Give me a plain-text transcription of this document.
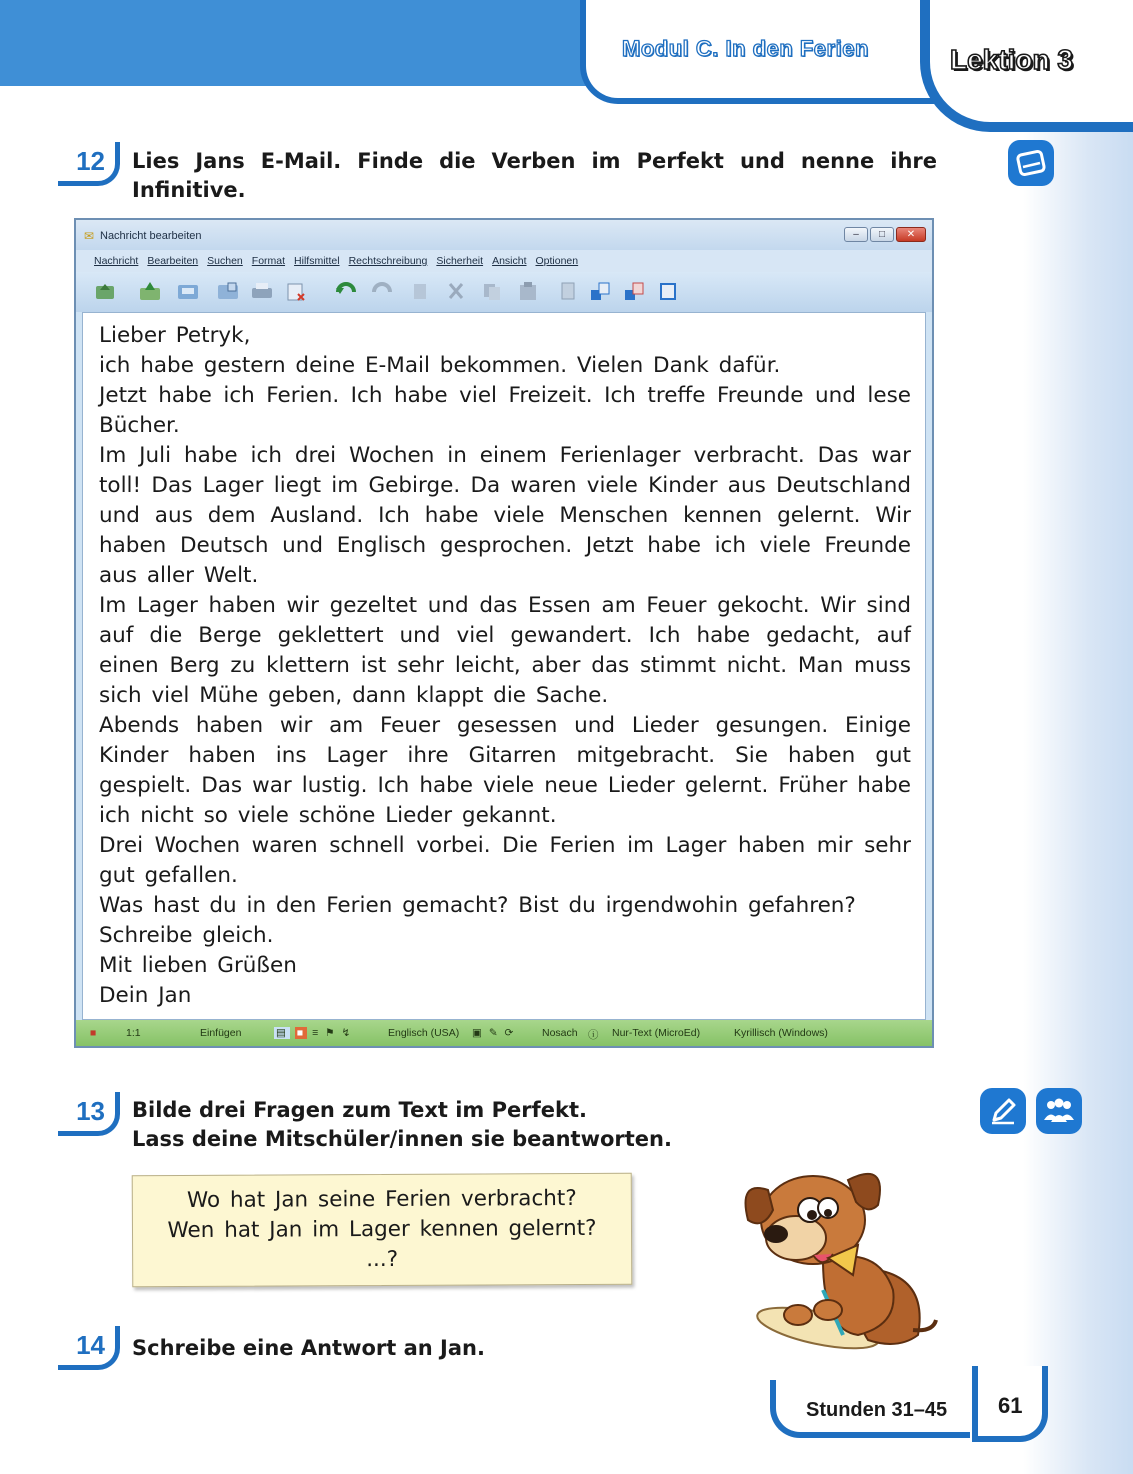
Modul C. In den Ferien	Lektion 3
12	Lies Jans E-Mail. Finde die Verben im Perfekt und nenne ihre
Infinitive.
✉ Nachricht bearbeiten	–	□	✕
Nachricht Bearbeiten Suchen Format Hilfsmittel Rechtschreibung Sicherheit Ansicht Optionen

Lieber Petryk,

ich habe gestern deine E-Mail bekommen. Vielen Dank dafür.

Jetzt habe ich Ferien. Ich habe viel Freizeit. Ich treffe Freunde und lese Bücher.

Im Juli habe ich drei Wochen in einem Ferienlager verbracht. Das war toll! Das Lager liegt im Gebirge. Da waren viele Kinder aus Deutschland und aus dem Ausland. Ich habe viele Menschen kennen gelernt. Wir haben Deutsch und Englisch gesprochen. Jetzt habe ich viele Freunde aus aller Welt.

Im Lager haben wir gezeltet und das Essen am Feuer gekocht. Wir sind auf die Berge geklettert und viel gewandert. Ich habe gedacht, auf einen Berg zu klettern ist sehr leicht, aber das stimmt nicht. Man muss sich viel Mühe geben, dann klappt die Sache.

Abends haben wir am Feuer gesessen und Lieder gesungen. Einige Kinder haben ins Lager ihre Gitarren mitgebracht. Sie haben gut gespielt. Das war lustig. Ich habe viele neue Lieder gelernt. Früher habe ich nicht so viele schöne Lieder gekannt.

Drei Wochen waren schnell vorbei. Die Ferien im Lager haben mir sehr gut gefallen.

Was hast du in den Ferien gemacht? Bist du irgendwohin gefahren?

Schreibe gleich.

Mit lieben Grüßen

Dein Jan

■	1:1	Einfügen	▤ ■ ≡ ⚑ ↯	Englisch (USA) ▣ ✎ ⟳	Nosach ⓘ Nur-Text (MicroEd)	Kyrillisch (Windows)
13	Bilde drei Fragen zum Text im Perfekt.
Lass deine Mitschüler/innen sie beantworten.
Wo hat Jan seine Ferien verbracht?
Wen hat Jan im Lager kennen gelernt?
...?
14	Schreibe eine Antwort an Jan.
Stunden 31–45 61
